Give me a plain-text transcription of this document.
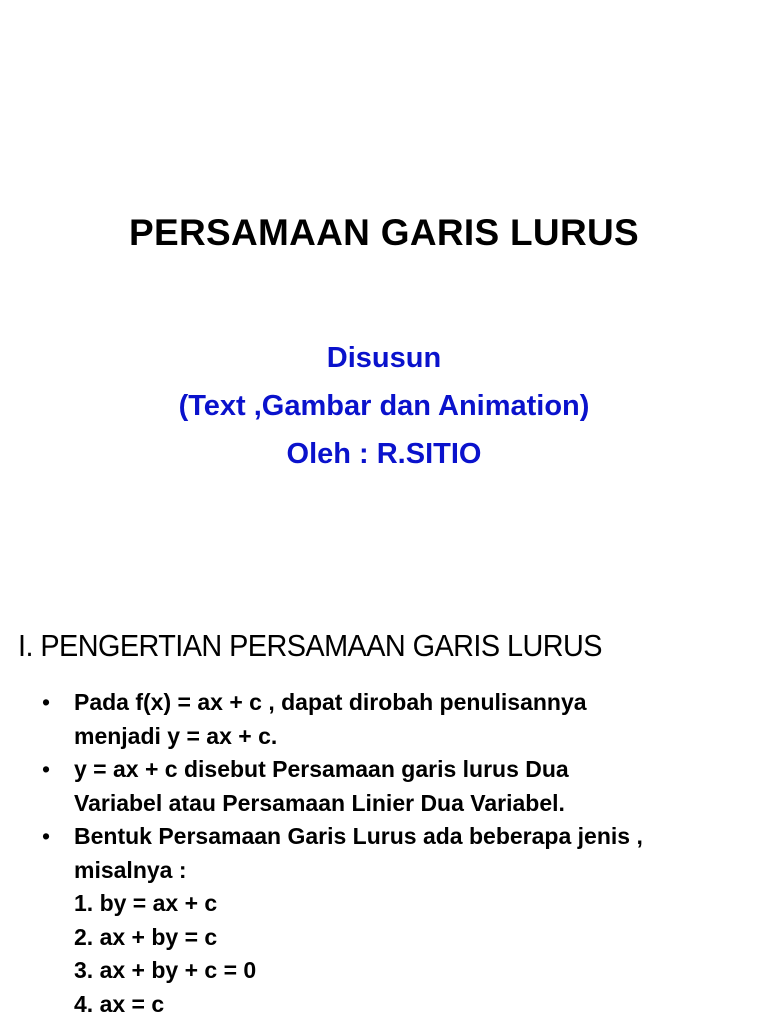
PERSAMAAN GARIS LURUS
Disusun
(Text ,Gambar dan Animation)
Oleh : R.SITIO
I. PENGERTIAN PERSAMAAN GARIS LURUS
• Pada f(x) = ax + c , dapat dirobah penulisannya
menjadi y = ax + c.
• y = ax + c disebut Persamaan garis lurus Dua
Variabel atau Persamaan Linier Dua Variabel.
• Bentuk Persamaan Garis Lurus ada beberapa jenis ,
misalnya :
1. by = ax + c
2. ax + by = c
3. ax + by + c = 0
4. ax = c
